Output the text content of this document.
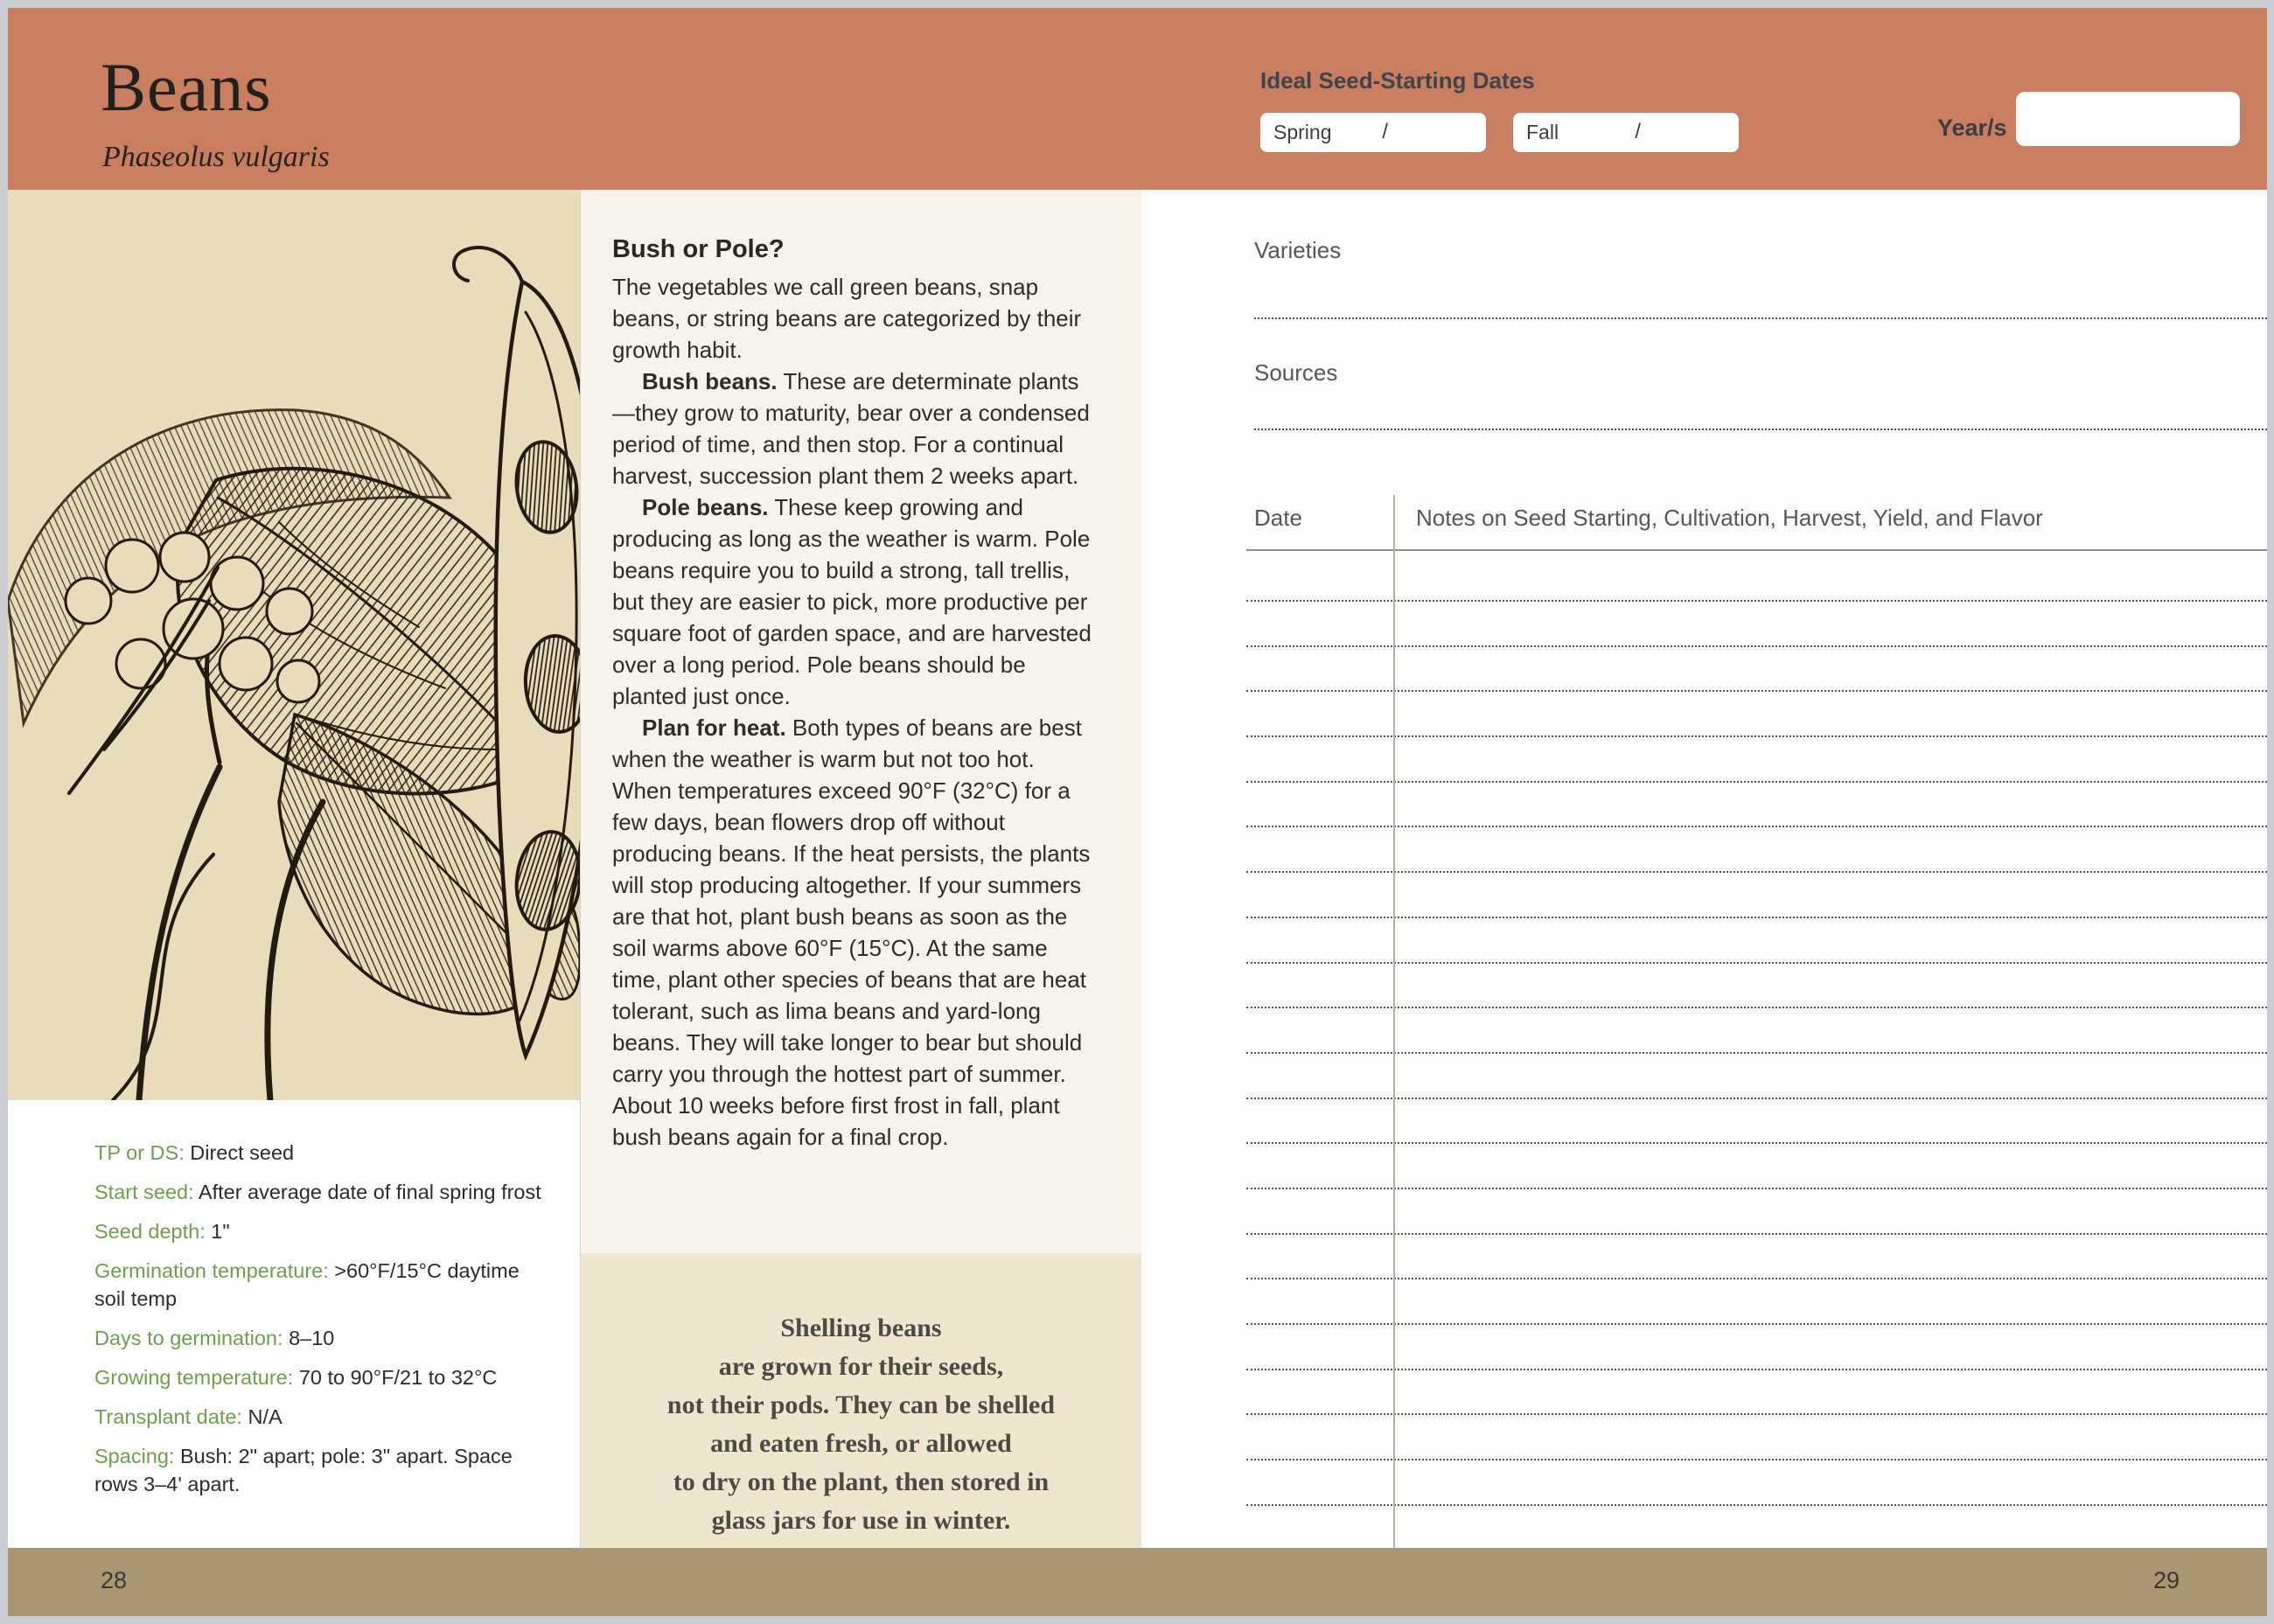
Beans
Phaseolus vulgaris
Ideal Seed-Starting Dates
Spring /	Fall	/	Year/s

TP or DS: Direct seed

Start seed: After average date of final spring frost

Seed depth: 1"

Germination temperature: >60°F/15°C daytime soil temp

Days to germination: 8–10

Growing temperature: 70 to 90°F/21 to 32°C

Transplant date: N/A

Spacing: Bush: 2" apart; pole: 3" apart. Space rows 3–4' apart.

Bush or Pole?

The vegetables we call green beans, snap beans, or string beans are categorized by their growth habit.

Bush beans. These are determinate plants—they grow to maturity, bear over a condensed period of time, and then stop. For a continual harvest, succession plant them 2 weeks apart.

Pole beans. These keep growing and producing as long as the weather is warm. Pole beans require you to build a strong, tall trellis, but they are easier to pick, more productive per square foot of garden space, and are harvested over a long period. Pole beans should be planted just once.

Plan for heat. Both types of beans are best when the weather is warm but not too hot. When temperatures exceed 90°F (32°C) for a few days, bean flowers drop off without producing beans. If the heat persists, the plants will stop producing altogether. If your summers are that hot, plant bush beans as soon as the soil warms above 60°F (15°C). At the same time, plant other species of beans that are heat tolerant, such as lima beans and yard-long beans. They will take longer to bear but should carry you through the hottest part of summer. About 10 weeks before first frost in fall, plant bush beans again for a final crop.

Shelling beans
are grown for their seeds,
not their pods. They can be shelled
and eaten fresh, or allowed
to dry on the plant, then stored in
glass jars for use in winter.
Varieties
Sources
Date	Notes on Seed Starting, Cultivation, Harvest, Yield, and Flavor
28	29
